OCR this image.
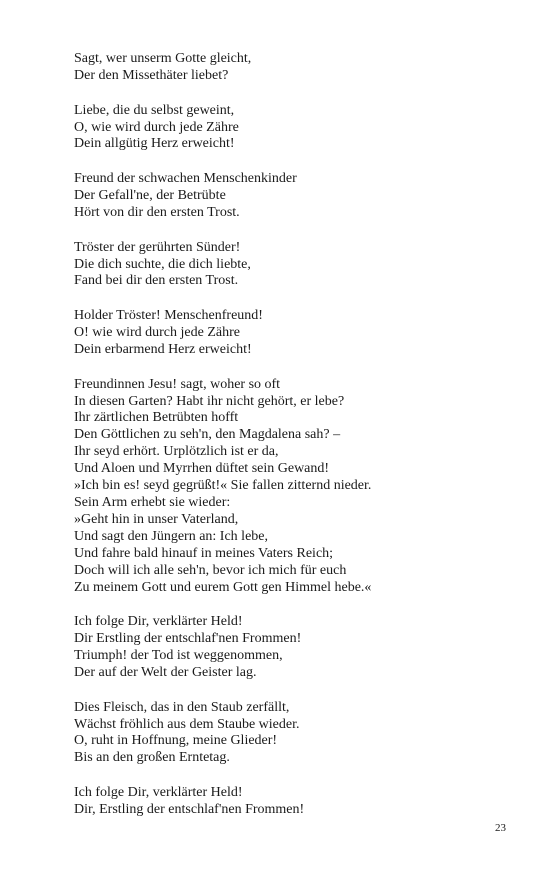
Sagt, wer unserm Gotte gleicht,
Der den Missethäter liebet?
Liebe, die du selbst geweint,
O, wie wird durch jede Zähre
Dein allgütig Herz erweicht!
Freund der schwachen Menschenkinder
Der Gefall'ne, der Betrübte
Hört von dir den ersten Trost.
Tröster der gerührten Sünder!
Die dich suchte, die dich liebte,
Fand bei dir den ersten Trost.
Holder Tröster! Menschenfreund!
O! wie wird durch jede Zähre
Dein erbarmend Herz erweicht!
Freundinnen Jesu! sagt, woher so oft
In diesen Garten? Habt ihr nicht gehört, er lebe?
Ihr zärtlichen Betrübten hofft
Den Göttlichen zu seh'n, den Magdalena sah? –
Ihr seyd erhört. Urplötzlich ist er da,
Und Aloen und Myrrhen düftet sein Gewand!
»Ich bin es! seyd gegrüßt!« Sie fallen zitternd nieder.
Sein Arm erhebt sie wieder:
»Geht hin in unser Vaterland,
Und sagt den Jüngern an: Ich lebe,
Und fahre bald hinauf in meines Vaters Reich;
Doch will ich alle seh'n, bevor ich mich für euch
Zu meinem Gott und eurem Gott gen Himmel hebe.«
Ich folge Dir, verklärter Held!
Dir Erstling der entschlaf'nen Frommen!
Triumph! der Tod ist weggenommen,
Der auf der Welt der Geister lag.
Dies Fleisch, das in den Staub zerfällt,
Wächst fröhlich aus dem Staube wieder.
O, ruht in Hoffnung, meine Glieder!
Bis an den großen Erntetag.
Ich folge Dir, verklärter Held!
Dir, Erstling der entschlaf'nen Frommen!
23
